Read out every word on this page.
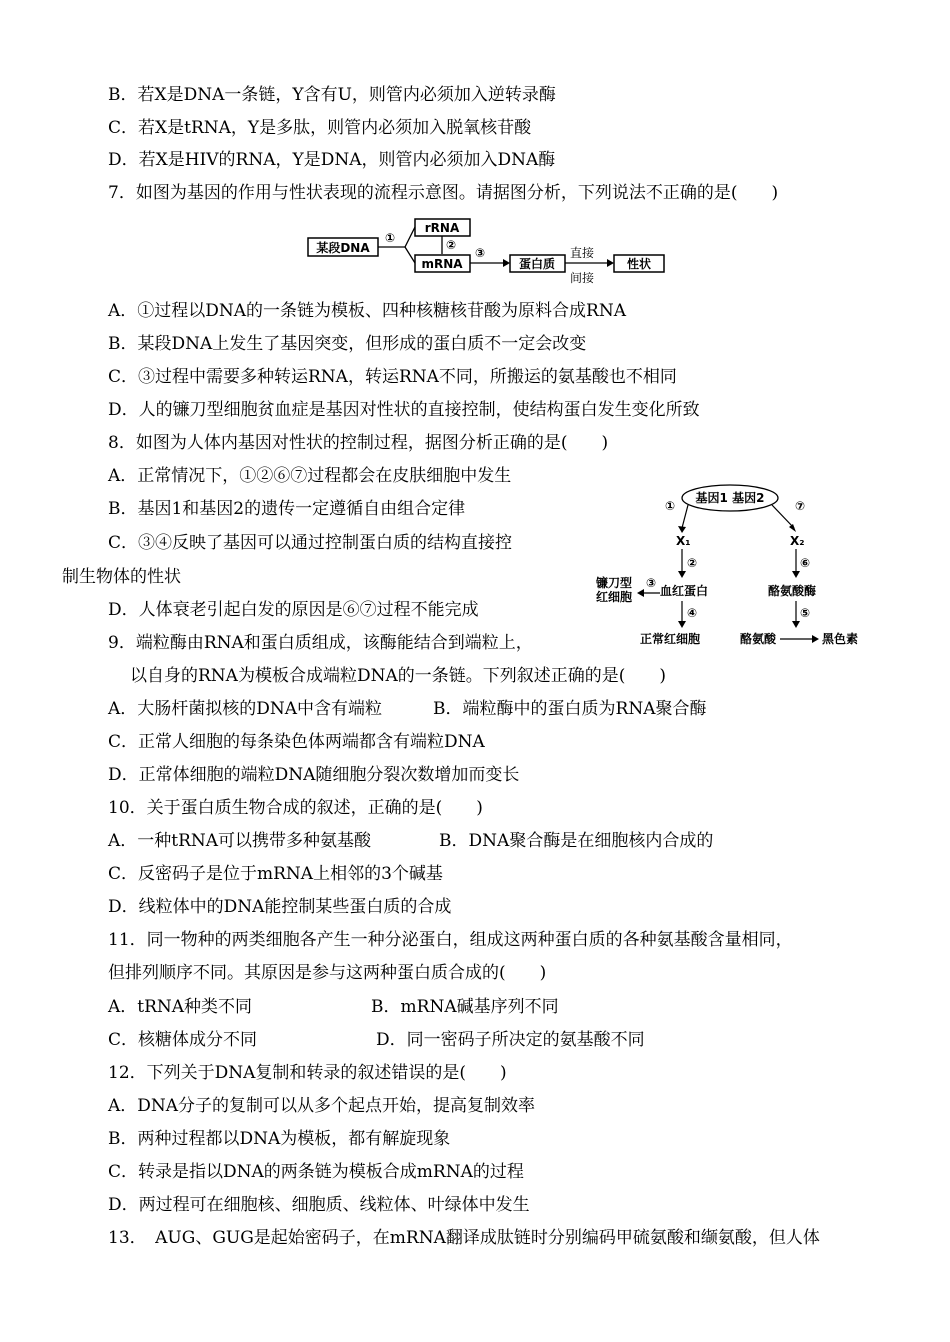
B．若X是DNA一条链，Y含有U，则管内必须加入逆转录酶
C．若X是tRNA，Y是多肽，则管内必须加入脱氧核苷酸
D．若X是HIV的RNA，Y是DNA，则管内必须加入DNA酶
7．如图为基因的作用与性状表现的流程示意图。请据图分析，下列说法不正确的是(　　)
某段DNA
①
rRNA
②
mRNA
③
蛋白质
直接
间接
性状
A．①过程以DNA的一条链为模板、四种核糖核苷酸为原料合成RNA
B．某段DNA上发生了基因突变，但形成的蛋白质不一定会改变
C．③过程中需要多种转运RNA，转运RNA不同，所搬运的氨基酸也不相同
D．人的镰刀型细胞贫血症是基因对性状的直接控制，使结构蛋白发生变化所致
8．如图为人体内基因对性状的控制过程，据图分析正确的是(　　)
A．正常情况下，①②⑥⑦过程都会在皮肤细胞中发生
B．基因1和基因2的遗传一定遵循自由组合定律
C．③④反映了基因可以通过控制蛋白质的结构直接控
制生物体的性状
D．人体衰老引起白发的原因是⑥⑦过程不能完成
9．端粒酶由RNA和蛋白质组成，该酶能结合到端粒上，
以自身的RNA为模板合成端粒DNA的一条链。下列叙述正确的是(　　)
基因1 基因2
①	⑦
X₁	X₂
②	⑥
镰刀型
红细胞
③
血红蛋白	酪氨酸酶
④	⑤
正常红细胞	酪氨酸	黑色素
A．大肠杆菌拟核的DNA中含有端粒　　　B．端粒酶中的蛋白质为RNA聚合酶
C．正常人细胞的每条染色体两端都含有端粒DNA
D．正常体细胞的端粒DNA随细胞分裂次数增加而变长
10．关于蛋白质生物合成的叙述，正确的是(　　)
A．一种tRNA可以携带多种氨基酸　　　　B．DNA聚合酶是在细胞核内合成的
C．反密码子是位于mRNA上相邻的3个碱基
D．线粒体中的DNA能控制某些蛋白质的合成
11．同一物种的两类细胞各产生一种分泌蛋白，组成这两种蛋白质的各种氨基酸含量相同，
但排列顺序不同。其原因是参与这两种蛋白质合成的(　　)
A．tRNA种类不同　　　　　　　B．mRNA碱基序列不同
C．核糖体成分不同　　　　　　　D．同一密码子所决定的氨基酸不同
12．下列关于DNA复制和转录的叙述错误的是(　　)
A．DNA分子的复制可以从多个起点开始，提高复制效率
B．两种过程都以DNA为模板，都有解旋现象
C．转录是指以DNA的两条链为模板合成mRNA的过程
D．两过程可在细胞核、细胞质、线粒体、叶绿体中发生
13．　AUG、GUG是起始密码子，在mRNA翻译成肽链时分别编码甲硫氨酸和缬氨酸，但人体
